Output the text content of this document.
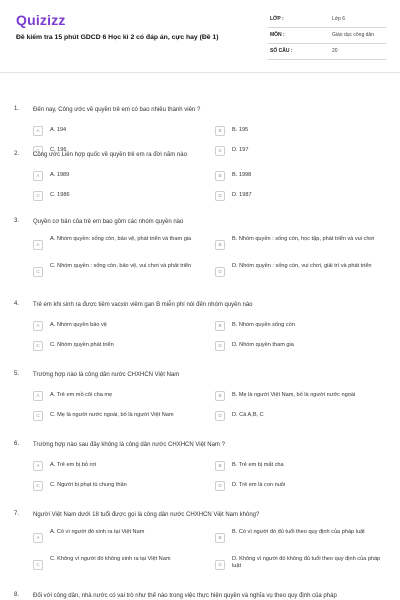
Quizizz
Đề kiểm tra 15 phút GDCD 6 Học kì 2 có đáp án, cực hay (Đề 1)
LỚP :	Lớp 6
MÔN :	Giáo dục công dân
SỐ CÂU :	20
1. Đến nay, Công ước về quyền trẻ em có bao nhiêu thành viên ?
A	A. 194	B	B. 195
C	C. 196	D	D. 197
2. Công ước Liên hợp quốc về quyền trẻ em ra đời năm nào
A	A. 1989	B	B. 1998
C	C. 1986	D	D. 1987
3. Quyền cơ bản của trẻ em bao gồm các nhóm quyền nào
A
A. Nhóm quyền: sống còn, bảo vệ, phát triển và tham gia
B
B. Nhóm quyền : sống còn, học tập, phát triển và vui chơi
C
C. Nhóm quyền : sống còn, bảo vệ, vui chơi và phát triển
D
D. Nhóm quyền : sống còn, vui chơi, giải trí và phát triển
4. Trẻ em khi sinh ra được tiêm vacxin viêm gan B miễn phí nói đến nhóm quyền nào
A	A. Nhóm quyền bảo vệ	B	B. Nhóm quyền sống còn
C	C. Nhóm quyền phát triển	D	D. Nhóm quyền tham gia
5. Trường hợp nào là công dân nước CHXHCN Việt Nam
A	A. Trẻ em mồ côi cha mẹ	B	B. Mẹ là người Việt Nam, bố là người nước ngoài
C	C. Mẹ là người nước ngoài, bố là người Việt Nam	D	D. Cả A,B, C
6. Trường hợp nào sau đây không là công dân nước CHXHCN Việt Nam ?
A	A. Trẻ em bị bỏ rơi	B	B. Trẻ em bị mất cha
C	C. Người bị phạt tù chung thân	D	D. Trẻ em là con nuôi
7. Người Việt Nam dưới 18 tuổi được gọi là công dân nước CHXHCN Việt Nam không?
A
A. Có vì người đó sinh ra tại Việt Nam
B
B. Có vì người đó đủ tuổi theo quy định của pháp luật
C
C. Không vì người đó không sinh ra tại Việt Nam
D
D. Không vì người đó không đủ tuổi theo quy định của pháp luật
8. Đối với công dân, nhà nước có vai trò như thế nào trong việc thực hiện quyền và nghĩa vụ theo quy định của pháp
